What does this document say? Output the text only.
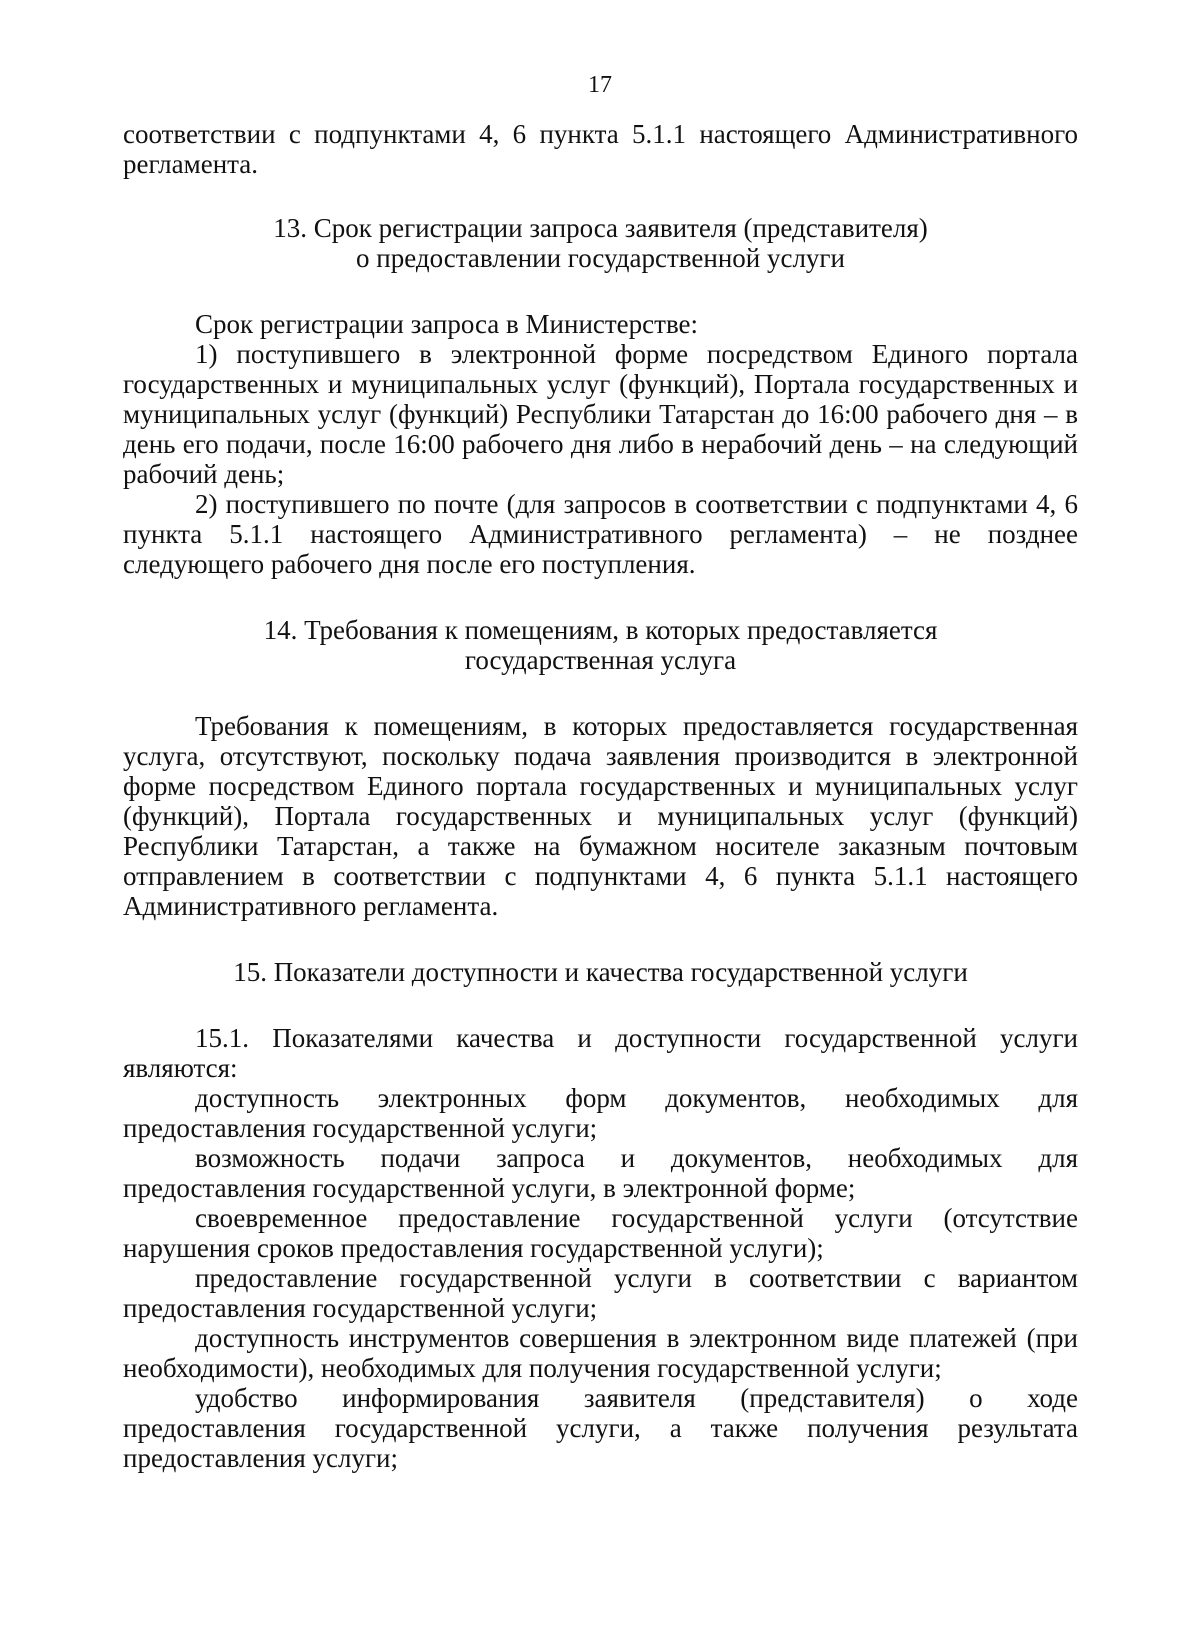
17

соответствии с подпунктами 4, 6 пункта 5.1.1 настоящего Административного регламента.

13. Срок регистрации запроса заявителя (представителя)
о предоставлении государственной услуги

Срок регистрации запроса в Министерстве:

1) поступившего в электронной форме посредством Единого портала государственных и муниципальных услуг (функций), Портала государственных и муниципальных услуг (функций) Республики Татарстан до 16:00 рабочего дня – в день его подачи, после 16:00 рабочего дня либо в нерабочий день – на следующий рабочий день;

2) поступившего по почте (для запросов в соответствии с подпунктами 4, 6 пункта 5.1.1 настоящего Административного регламента) – не позднее следующего рабочего дня после его поступления.

14. Требования к помещениям, в которых предоставляется
государственная услуга

Требования к помещениям, в которых предоставляется государственная услуга, отсутствуют, поскольку подача заявления производится в электронной форме посредством Единого портала государственных и муниципальных услуг (функций), Портала государственных и муниципальных услуг (функций) Республики Татарстан, а также на бумажном носителе заказным почтовым отправлением в соответствии с подпунктами 4, 6 пункта 5.1.1 настоящего Административного регламента.

15. Показатели доступности и качества государственной услуги

15.1. Показателями качества и доступности государственной услуги являются:

доступность электронных форм документов, необходимых для предоставления государственной услуги;

возможность подачи запроса и документов, необходимых для предоставления государственной услуги, в электронной форме;

своевременное предоставление государственной услуги (отсутствие нарушения сроков предоставления государственной услуги);

предоставление государственной услуги в соответствии с вариантом предоставления государственной услуги;

доступность инструментов совершения в электронном виде платежей (при необходимости), необходимых для получения государственной услуги;

удобство информирования заявителя (представителя) о ходе предоставления государственной услуги, а также получения результата предоставления услуги;
